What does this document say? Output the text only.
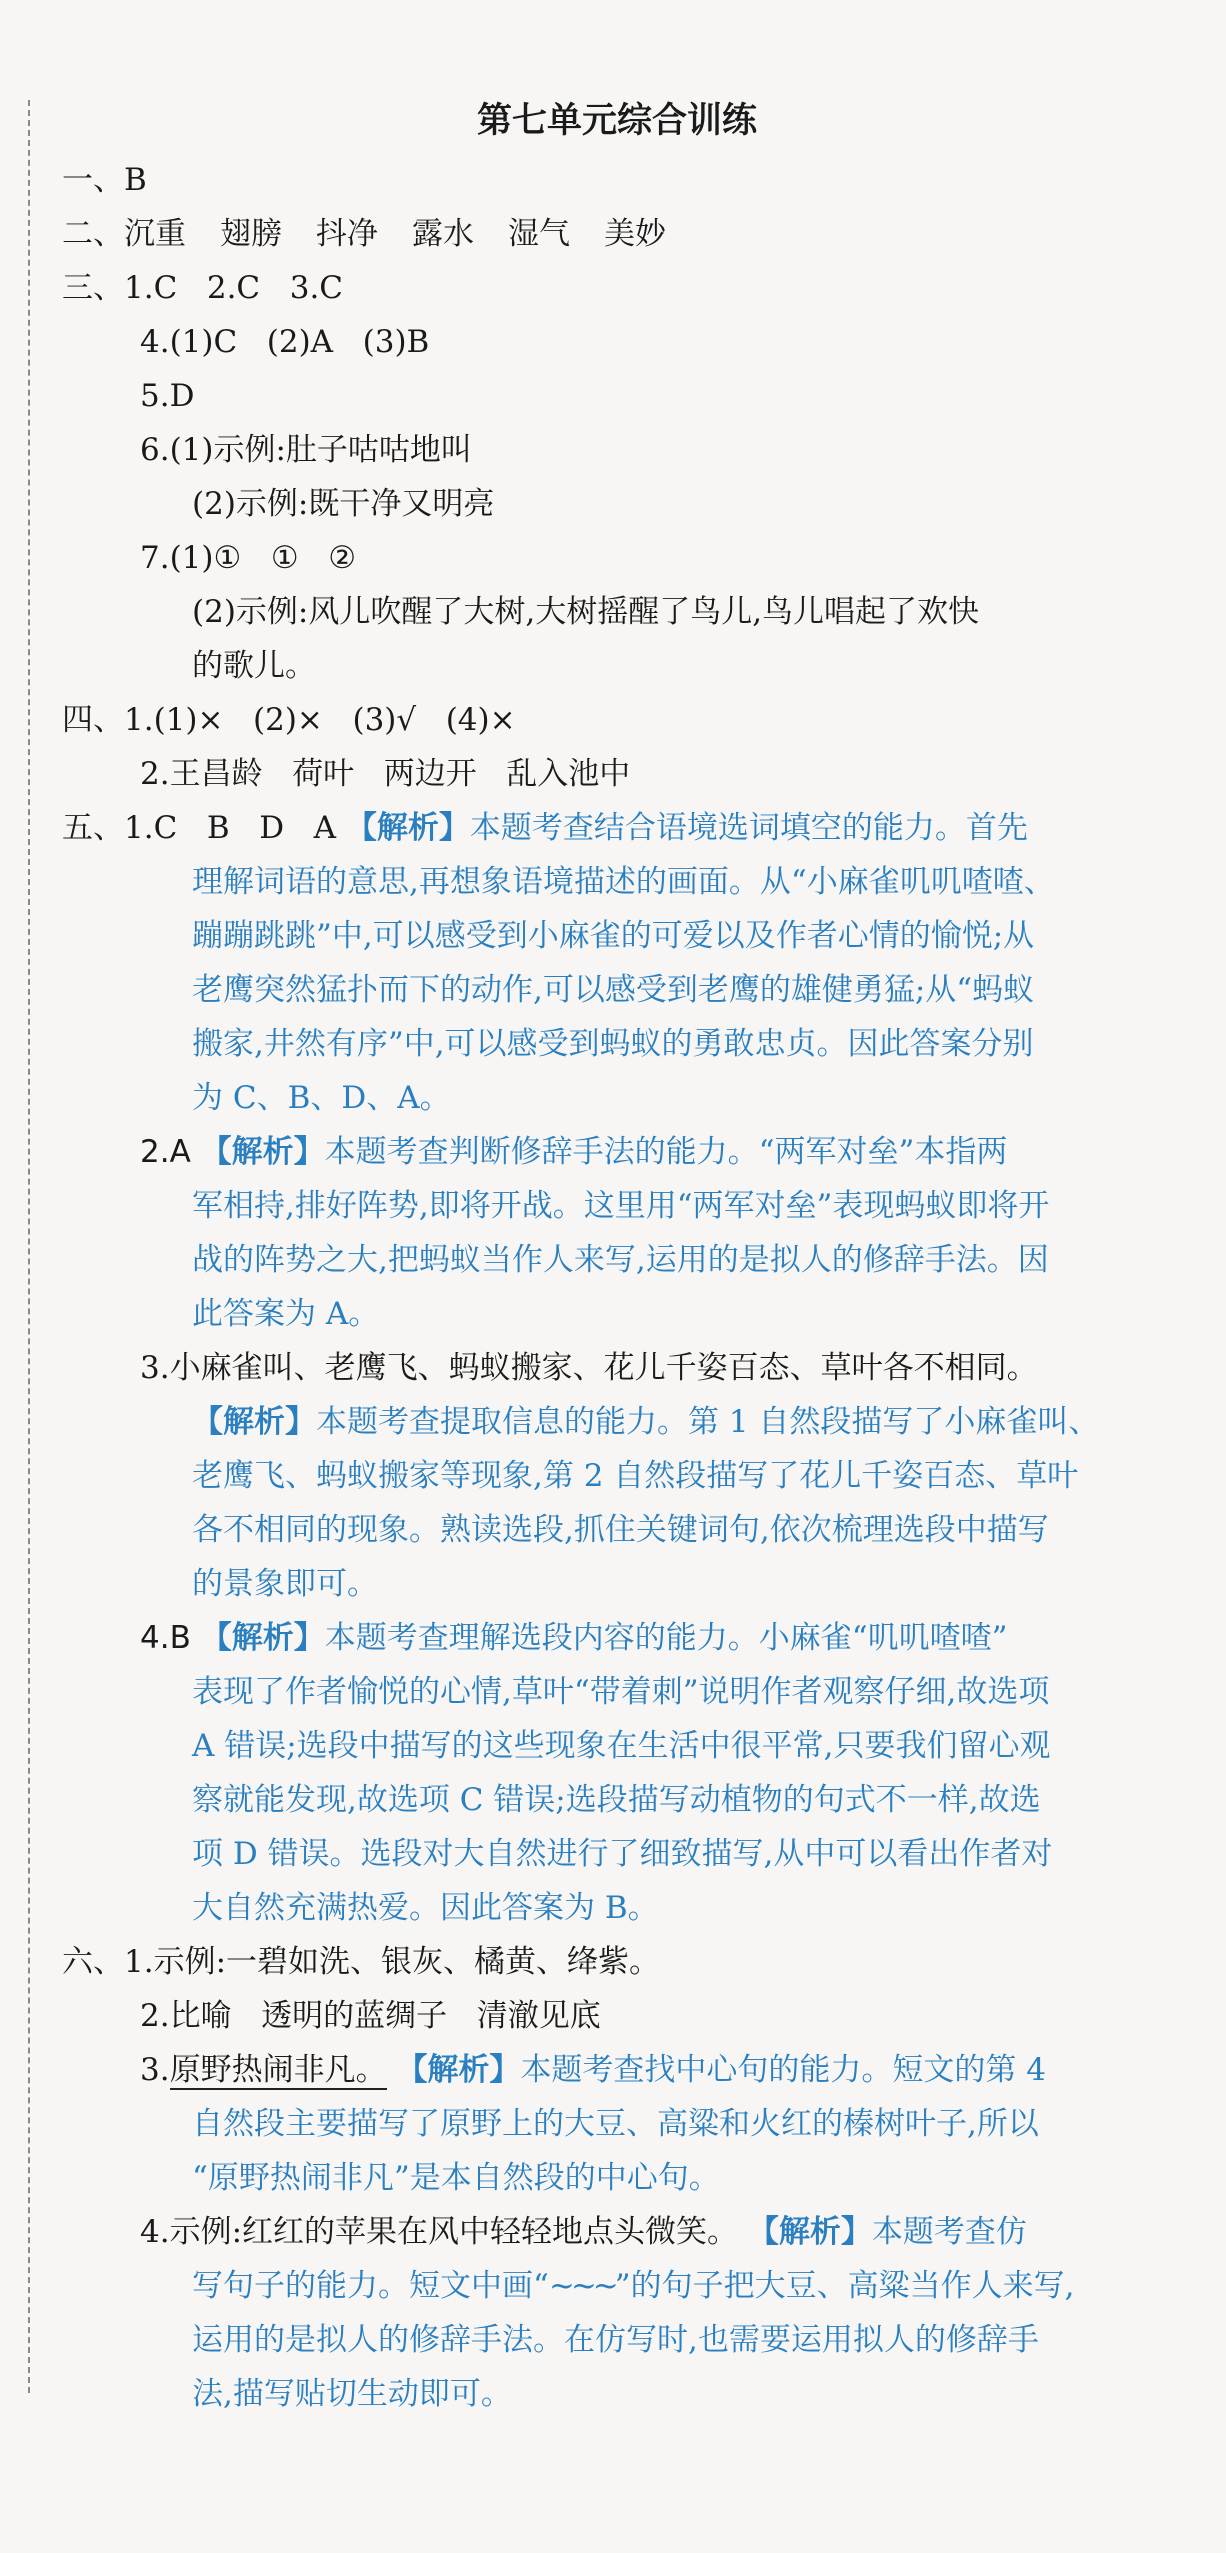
第七单元综合训练
一、B
二、沉重 翅膀 抖净 露水 湿气 美妙
三、1.C   2.C   3.C
4.(1)C   (2)A   (3)B
5.D
6.(1)示例:肚子咕咕地叫
(2)示例:既干净又明亮
7.(1)①   ①   ②
(2)示例:风儿吹醒了大树,大树摇醒了鸟儿,鸟儿唱起了欢快
的歌儿。
四、1.(1)×   (2)×   (3)√   (4)×
2.王昌龄   荷叶   两边开   乱入池中
五、1.C   B   D   A 【解析】本题考查结合语境选词填空的能力。首先
理解词语的意思,再想象语境描述的画面。从“小麻雀叽叽喳喳、
蹦蹦跳跳”中,可以感受到小麻雀的可爱以及作者心情的愉悦;从
老鹰突然猛扑而下的动作,可以感受到老鹰的雄健勇猛;从“蚂蚁
搬家,井然有序”中,可以感受到蚂蚁的勇敢忠贞。因此答案分别
为 C、B、D、A。
2.A 【解析】本题考查判断修辞手法的能力。“两军对垒”本指两
军相持,排好阵势,即将开战。这里用“两军对垒”表现蚂蚁即将开
战的阵势之大,把蚂蚁当作人来写,运用的是拟人的修辞手法。因
此答案为 A。
3.小麻雀叫、老鹰飞、蚂蚁搬家、花儿千姿百态、草叶各不相同。
【解析】本题考查提取信息的能力。第 1 自然段描写了小麻雀叫、
老鹰飞、蚂蚁搬家等现象,第 2 自然段描写了花儿千姿百态、草叶
各不相同的现象。熟读选段,抓住关键词句,依次梳理选段中描写
的景象即可。
4.B 【解析】本题考查理解选段内容的能力。小麻雀“叽叽喳喳”
表现了作者愉悦的心情,草叶“带着刺”说明作者观察仔细,故选项
A 错误;选段中描写的这些现象在生活中很平常,只要我们留心观
察就能发现,故选项 C 错误;选段描写动植物的句式不一样,故选
项 D 错误。选段对大自然进行了细致描写,从中可以看出作者对
大自然充满热爱。因此答案为 B。
六、1.示例:一碧如洗、银灰、橘黄、绛紫。
2.比喻   透明的蓝绸子   清澈见底
3.原野热闹非凡。 【解析】本题考查找中心句的能力。短文的第 4
自然段主要描写了原野上的大豆、高粱和火红的榛树叶子,所以
“原野热闹非凡”是本自然段的中心句。
4.示例:红红的苹果在风中轻轻地点头微笑。 【解析】本题考查仿
写句子的能力。短文中画“~~~”的句子把大豆、高粱当作人来写,
运用的是拟人的修辞手法。在仿写时,也需要运用拟人的修辞手
法,描写贴切生动即可。
